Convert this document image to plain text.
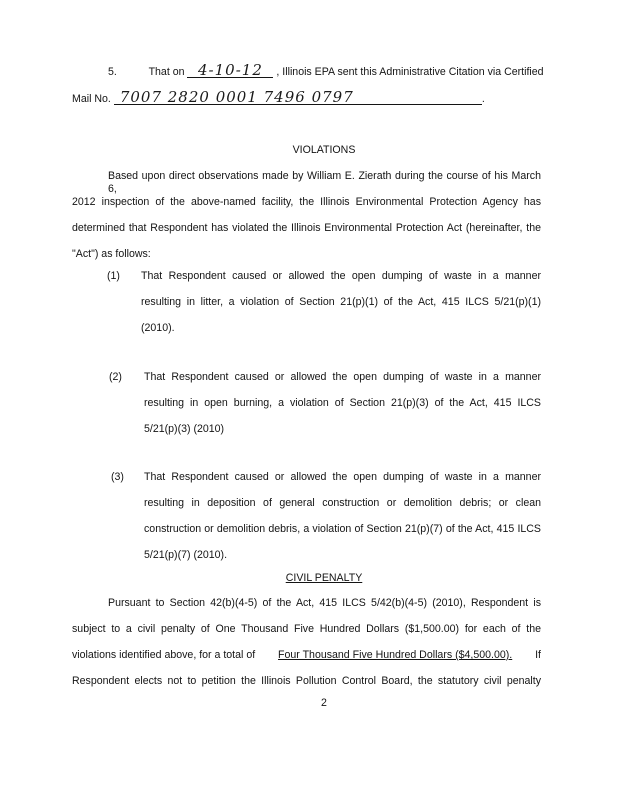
5.	That on 4-10-12 , Illinois EPA sent this Administrative Citation via Certified
Mail No. 7007 2820 0001 7496 0797	.
VIOLATIONS
Based upon direct observations made by William E. Zierath during the course of his March 6,
2012 inspection of the above-named facility, the Illinois Environmental Protection Agency has
determined that Respondent has violated the Illinois Environmental Protection Act (hereinafter, the
"Act") as follows:
(1) That Respondent caused or allowed the open dumping of waste in a manner
resulting in litter, a violation of Section 21(p)(1) of the Act, 415 ILCS 5/21(p)(1)
(2010).
(2) That Respondent caused or allowed the open dumping of waste in a manner
resulting in open burning, a violation of Section 21(p)(3) of the Act, 415 ILCS
5/21(p)(3) (2010)
(3) That Respondent caused or allowed the open dumping of waste in a manner
resulting in deposition of general construction or demolition debris; or clean
construction or demolition debris, a violation of Section 21(p)(7) of the Act, 415 ILCS
5/21(p)(7) (2010).
CIVIL PENALTY
Pursuant to Section 42(b)(4-5) of the Act, 415 ILCS 5/42(b)(4-5) (2010), Respondent is
subject to a civil penalty of One Thousand Five Hundred Dollars ($1,500.00) for each of the
violations identified above, for a total of Four Thousand Five Hundred Dollars ($4,500.00). If
Respondent elects not to petition the Illinois Pollution Control Board, the statutory civil penalty
2
